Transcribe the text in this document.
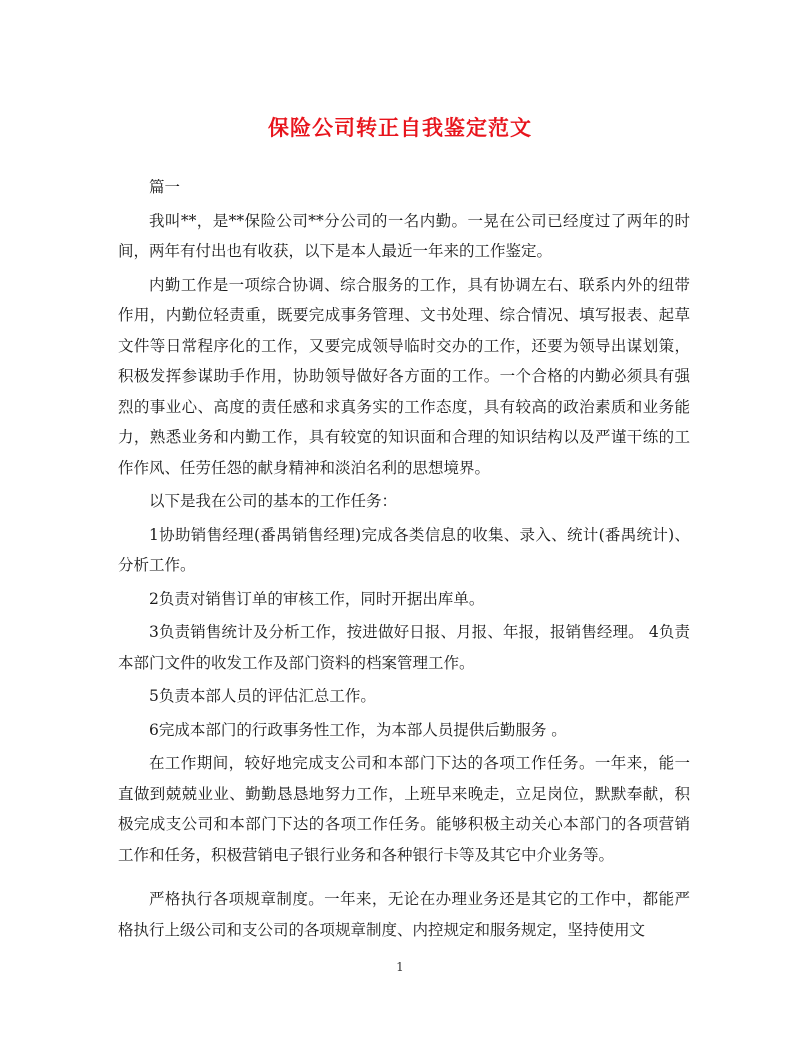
保险公司转正自我鉴定范文

篇一

我叫**，是**保险公司**分公司的一名内勤。一晃在公司已经度过了两年的时间，两年有付出也有收获，以下是本人最近一年来的工作鉴定。

内勤工作是一项综合协调、综合服务的工作，具有协调左右、联系内外的纽带作用，内勤位轻责重，既要完成事务管理、文书处理、综合情况、填写报表、起草文件等日常程序化的工作，又要完成领导临时交办的工作，还要为领导出谋划策，积极发挥参谋助手作用，协助领导做好各方面的工作。一个合格的内勤必须具有强烈的事业心、高度的责任感和求真务实的工作态度，具有较高的政治素质和业务能力，熟悉业务和内勤工作，具有较宽的知识面和合理的知识结构以及严谨干练的工作作风、任劳任怨的献身精神和淡泊名利的思想境界。

以下是我在公司的基本的工作任务：

1协助销售经理(番禺销售经理)完成各类信息的收集、录入、统计(番禺统计)、分析工作。

2负责对销售订单的审核工作，同时开据出库单。

3负责销售统计及分析工作，按进做好日报、月报、年报，报销售经理。 4负责本部门文件的收发工作及部门资料的档案管理工作。

5负责本部人员的评估汇总工作。

6完成本部门的行政事务性工作，为本部人员提供后勤服务 。

在工作期间，较好地完成支公司和本部门下达的各项工作任务。一年来，能一直做到兢兢业业、勤勤恳恳地努力工作，上班早来晚走，立足岗位，默默奉献，积极完成支公司和本部门下达的各项工作任务。能够积极主动关心本部门的各项营销工作和任务，积极营销电子银行业务和各种银行卡等及其它中介业务等。

严格执行各项规章制度。一年来，无论在办理业务还是其它的工作中，都能严格执行上级公司和支公司的各项规章制度、内控规定和服务规定，坚持使用文

1
